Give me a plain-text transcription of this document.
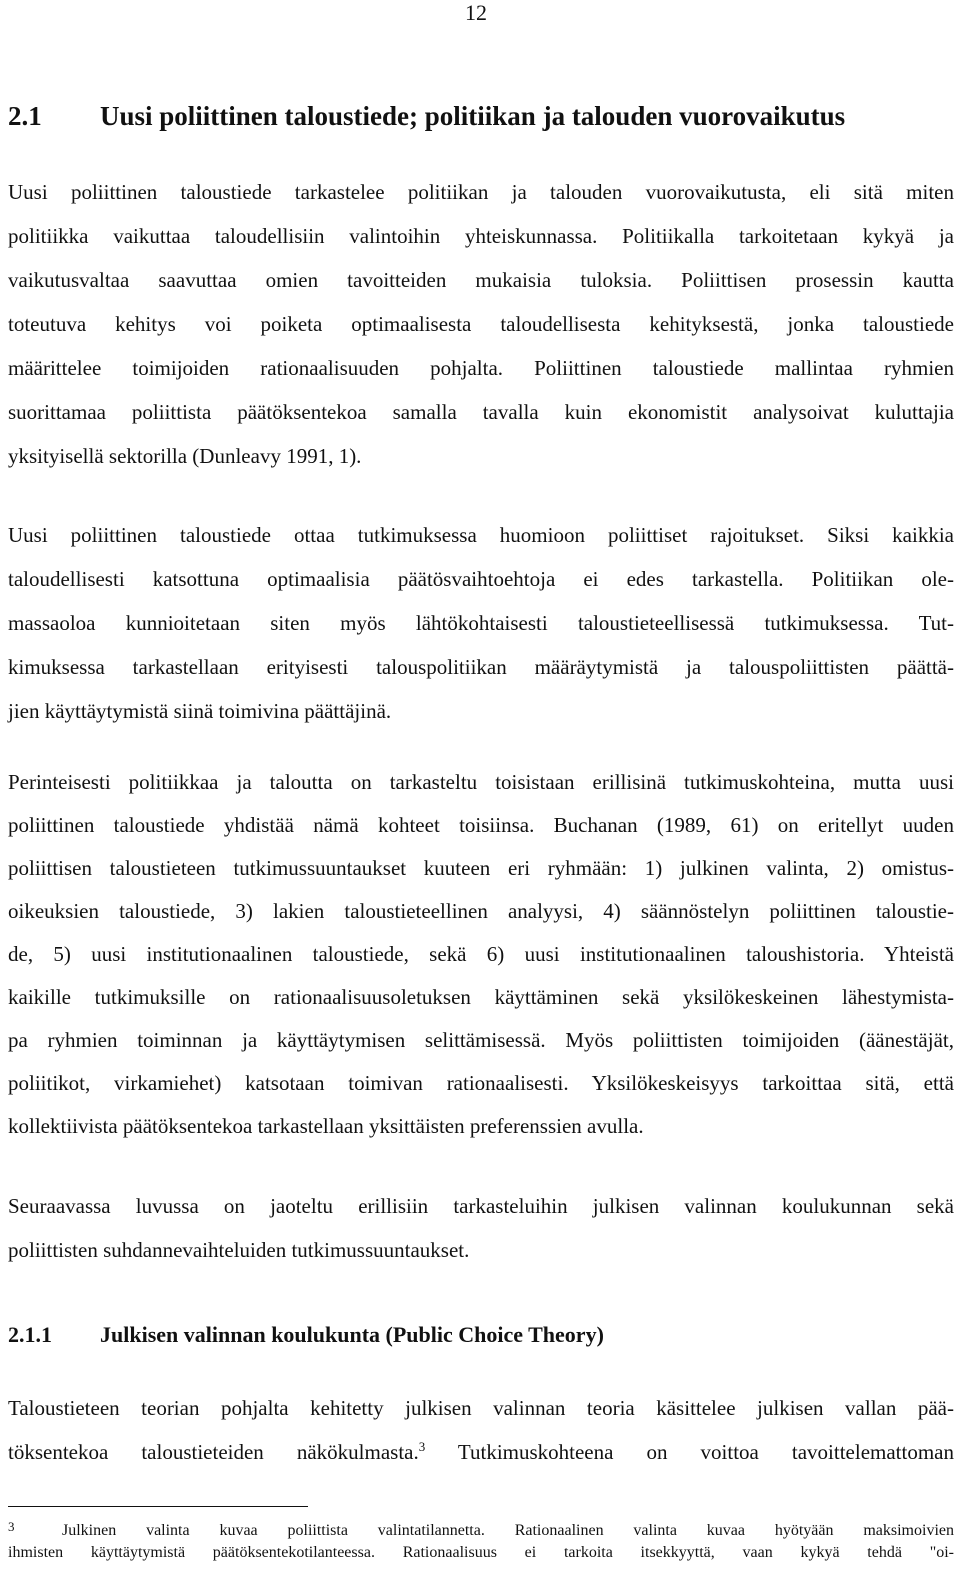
12
2.1 Uusi poliittinen taloustiede; politiikan ja talouden vuorovaikutus
Uusi poliittinen taloustiede tarkastelee politiikan ja talouden vuorovaikutusta, eli sitä miten
politiikka vaikuttaa taloudellisiin valintoihin yhteiskunnassa. Politiikalla tarkoitetaan kykyä ja
vaikutusvaltaa saavuttaa omien tavoitteiden mukaisia tuloksia. Poliittisen prosessin kautta
toteutuva kehitys voi poiketa optimaalisesta taloudellisesta kehityksestä, jonka taloustiede
määrittelee toimijoiden rationaalisuuden pohjalta. Poliittinen taloustiede mallintaa ryhmien
suorittamaa poliittista päätöksentekoa samalla tavalla kuin ekonomistit analysoivat kuluttajia
yksityisellä sektorilla (Dunleavy 1991, 1).
Uusi poliittinen taloustiede ottaa tutkimuksessa huomioon poliittiset rajoitukset. Siksi kaikkia
taloudellisesti katsottuna optimaalisia päätösvaihtoehtoja ei edes tarkastella. Politiikan ole-
massaoloa kunnioitetaan siten myös lähtökohtaisesti taloustieteellisessä tutkimuksessa. Tut-
kimuksessa tarkastellaan erityisesti talouspolitiikan määräytymistä ja talouspoliittisten päättä-
jien käyttäytymistä siinä toimivina päättäjinä.
Perinteisesti politiikkaa ja taloutta on tarkasteltu toisistaan erillisinä tutkimuskohteina, mutta uusi
poliittinen taloustiede yhdistää nämä kohteet toisiinsa. Buchanan (1989, 61) on eritellyt uuden
poliittisen taloustieteen tutkimussuuntaukset kuuteen eri ryhmään: 1) julkinen valinta, 2) omistus-
oikeuksien taloustiede, 3) lakien taloustieteellinen analyysi, 4) säännöstelyn poliittinen taloustie-
de, 5) uusi institutionaalinen taloustiede, sekä 6) uusi institutionaalinen taloushistoria. Yhteistä
kaikille tutkimuksille on rationaalisuusoletuksen käyttäminen sekä yksilökeskeinen lähestymista-
pa ryhmien toiminnan ja käyttäytymisen selittämisessä. Myös poliittisten toimijoiden (äänestäjät,
poliitikot, virkamiehet) katsotaan toimivan rationaalisesti. Yksilökeskeisyys tarkoittaa sitä, että
kollektiivista päätöksentekoa tarkastellaan yksittäisten preferenssien avulla.
Seuraavassa luvussa on jaoteltu erillisiin tarkasteluihin julkisen valinnan koulukunnan sekä
poliittisten suhdannevaihteluiden tutkimussuuntaukset.
2.1.1 Julkisen valinnan koulukunta (Public Choice Theory)
Taloustieteen teorian pohjalta kehitetty julkisen valinnan teoria käsittelee julkisen vallan pää-
töksentekoa taloustieteiden näkökulmasta.$^3$ Tutkimuskohteena on voittoa tavoittelemattoman
3	Julkinen valinta kuvaa poliittista valintatilannetta. Rationaalinen valinta kuvaa hyötyään maksimoivien
ihmisten käyttäytymistä päätöksentekotilanteessa. Rationaalisuus ei tarkoita itsekkyyttä, vaan kykyä tehdä "oi-
